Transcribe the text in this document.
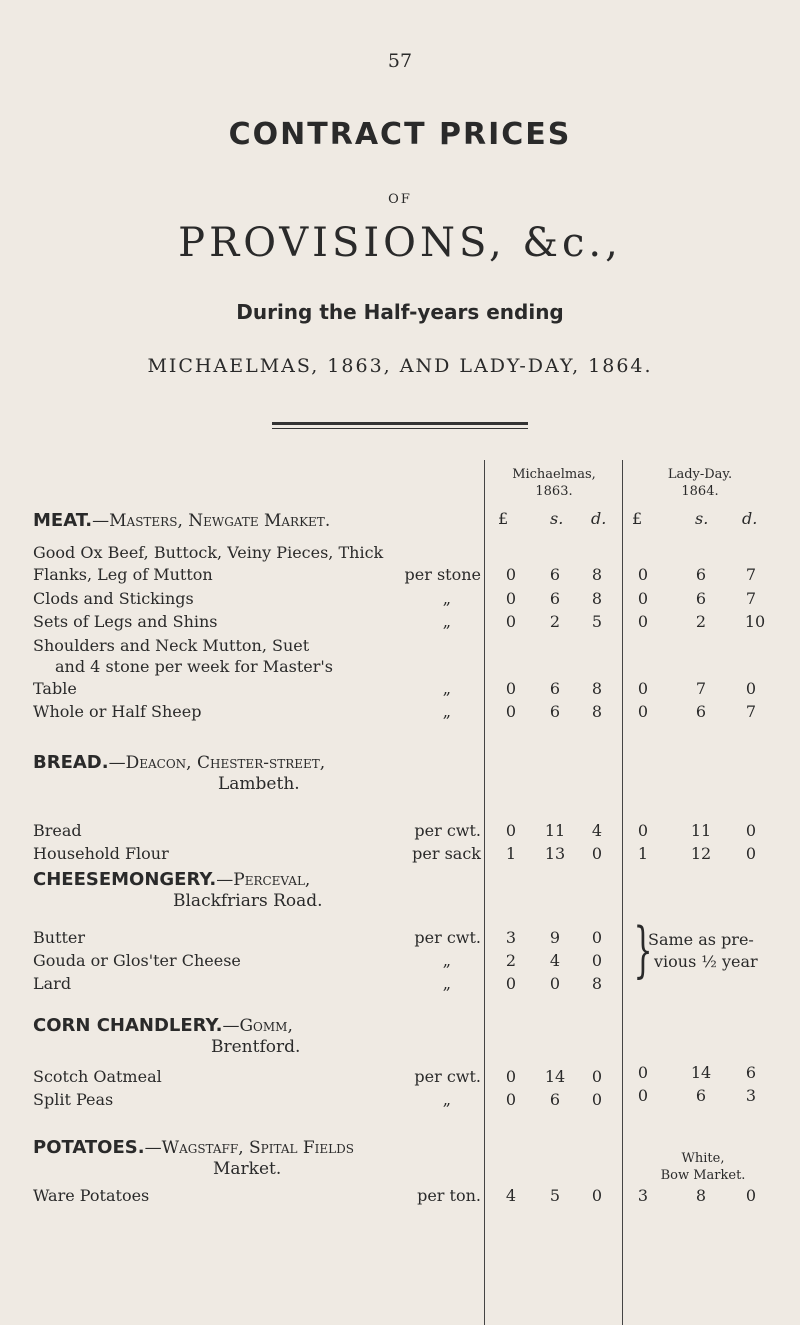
57
CONTRACT PRICES
OF
PROVISIONS, &c.,
During the Half-years ending
MICHAELMAS, 1863, AND LADY-DAY, 1864.
Michaelmas,
1863.
Lady-Day.
1864.
£	s. d. £	s. d.
MEAT.—Masters, Newgate Market.
Good Ox Beef, Buttock, Veiny Pieces, Thick
Flanks, Leg of Mutton	per stone	0	6	8	0	6	7
Clods and Stickings	„	0	6	8	0	6	7
Sets of Legs and Shins	„	0	2	5	0	2	10
Shoulders and Neck Mutton, Suet
and 4 stone per week for Master's
Table	„	0	6	8	0	7	0
Whole or Half Sheep	„	0	6	8	0	6	7
BREAD.—Deacon, Chester-street,
Lambeth.
Bread	per cwt.	0	11	4	0	11	0
Household Flour	per sack	1	13	0	1	12	0
CHEESEMONGERY.—Perceval,
Blackfriars Road.
Butter	per cwt.	3	9	0
Gouda or Glos'ter Cheese	„	2	4	0
Lard	„	0	0	8 }
Same as pre-
vious ½ year
CORN CHANDLERY.—Gomm,
Brentford.
Scotch Oatmeal	per cwt.	0	14	0	0	14	6
Split Peas	„	0	6	0	0	6	3
POTATOES.—Wagstaff, Spital Fields
Market.
White,
Bow Market.
Ware Potatoes	per ton.	4	5	0	3	8	0
